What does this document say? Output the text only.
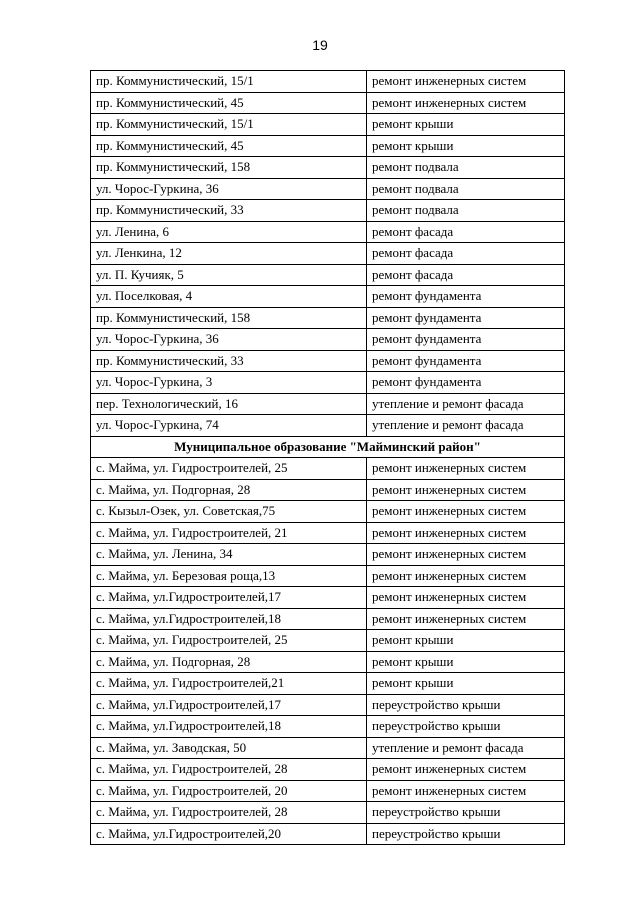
19
пр. Коммунистический, 15/1	ремонт инженерных систем
пр. Коммунистический, 45	ремонт инженерных систем
пр. Коммунистический, 15/1	ремонт крыши
пр. Коммунистический, 45	ремонт крыши
пр. Коммунистический, 158	ремонт подвала
ул. Чорос-Гуркина, 36	ремонт подвала
пр. Коммунистический, 33	ремонт подвала
ул. Ленина, 6	ремонт фасада
ул. Ленкина, 12	ремонт фасада
ул. П. Кучияк, 5	ремонт фасада
ул. Поселковая, 4	ремонт фундамента
пр. Коммунистический, 158	ремонт фундамента
ул. Чорос-Гуркина, 36	ремонт фундамента
пр. Коммунистический, 33	ремонт фундамента
ул. Чорос-Гуркина, 3	ремонт фундамента
пер. Технологический, 16	утепление и ремонт фасада
ул. Чорос-Гуркина, 74	утепление и ремонт фасада
Муниципальное образование "Майминский район"	
с. Майма, ул. Гидростроителей, 25	ремонт инженерных систем
с. Майма, ул. Подгорная, 28	ремонт инженерных систем
с. Кызыл-Озек, ул. Советская,75	ремонт инженерных систем
с. Майма, ул. Гидростроителей, 21	ремонт инженерных систем
с. Майма, ул. Ленина, 34	ремонт инженерных систем
с. Майма, ул. Березовая роща,13	ремонт инженерных систем
с. Майма, ул.Гидростроителей,17	ремонт инженерных систем
с. Майма, ул.Гидростроителей,18	ремонт инженерных систем
с. Майма, ул. Гидростроителей, 25	ремонт крыши
с. Майма, ул. Подгорная, 28	ремонт крыши
с. Майма, ул. Гидростроителей,21	ремонт крыши
с. Майма, ул.Гидростроителей,17	переустройство крыши
с. Майма, ул.Гидростроителей,18	переустройство крыши
с. Майма, ул. Заводская, 50	утепление и ремонт фасада
с. Майма, ул. Гидростроителей, 28	ремонт инженерных систем
с. Майма, ул. Гидростроителей, 20	ремонт инженерных систем
с. Майма, ул. Гидростроителей, 28	переустройство крыши
с. Майма, ул.Гидростроителей,20	переустройство крыши
